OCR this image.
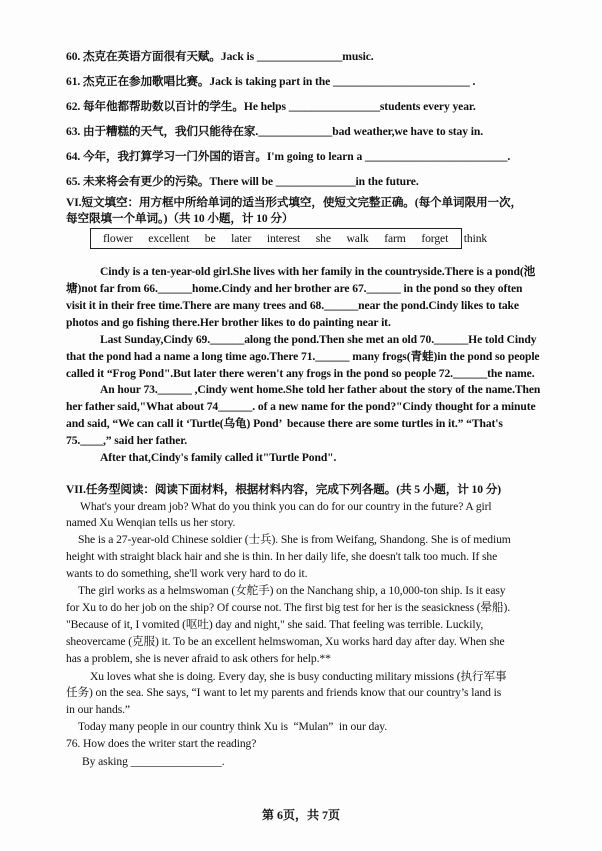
60. 杰克在英语方面很有天赋。Jack is _______________music.
61. 杰克正在参加歌唱比赛。Jack is taking part in the ________________________ .
62. 每年他都帮助数以百计的学生。He helps ________________students every year.
63. 由于糟糕的天气，我们只能待在家._____________bad weather,we have to stay in.
64. 今年，我打算学习一门外国的语言。I'm going to learn a _________________________.
65. 未来将会有更少的污染。There will be ______________in the future.
VI.短文填空：用方框中所给单词的适当形式填空，使短文完整正确。(每个单词限用一次，
每空限填一个单词。)（共 10 小题，计 10 分）
flower  excellent  be  later  interest  she  walk  farm  forget  think
Cindy is a ten-year-old girl.She lives with her family in the countryside.There is a pond(池
塘)not far from 66.______home.Cindy and her brother are 67.______ in the pond so they often
visit it in their free time.There are many trees and 68.______near the pond.Cindy likes to take
photos and go fishing there.Her brother likes to do painting near it.
Last Sunday,Cindy 69.______along the pond.Then she met an old 70.______He told Cindy
that the pond had a name a long time ago.There 71.______ many frogs(青蛙)in the pond so people
called it “Frog Pond".But later there weren't any frogs in the pond so people 72.______the name.
An hour 73.______ ,Cindy went home.She told her father about the story of the name.Then
her father said,"What about 74______. of a new name for the pond?"Cindy thought for a minute
and said, “We can call it ‘Turtle(乌龟) Pond’  because there are some turtles in it.” “That's
75.____,” said her father.
After that,Cindy's family called it"Turtle Pond".
VII.任务型阅读：阅读下面材料，根据材料内容，完成下列各题。(共 5 小题，计 10 分)
What's your dream job? What do you think you can do for our country in the future? A girl
named Xu Wenqian tells us her story.
She is a 27-year-old Chinese soldier (士兵). She is from Weifang, Shandong. She is of medium
height with straight black hair and she is thin. In her daily life, she doesn't talk too much. If she
wants to do something, she'll work very hard to do it.
The girl works as a helmswoman (女舵手) on the Nanchang ship, a 10,000-ton ship. Is it easy
for Xu to do her job on the ship? Of course not. The first big test for her is the seasickness (晕船).
"Because of it, I vomited (呕吐) day and night," she said. That feeling was terrible. Luckily,
sheovercame (克服) it. To be an excellent helmswoman, Xu works hard day after day. When she
has a problem, she is never afraid to ask others for help.**
Xu loves what she is doing. Every day, she is busy conducting military missions (执行军事
任务) on the sea. She says, “I want to let my parents and friends know that our country’s land is
in our hands.”
Today many people in our country think Xu is  “Mulan”  in our day.
76. How does the writer start the reading?
By asking ________________.
第 6页，共 7页
